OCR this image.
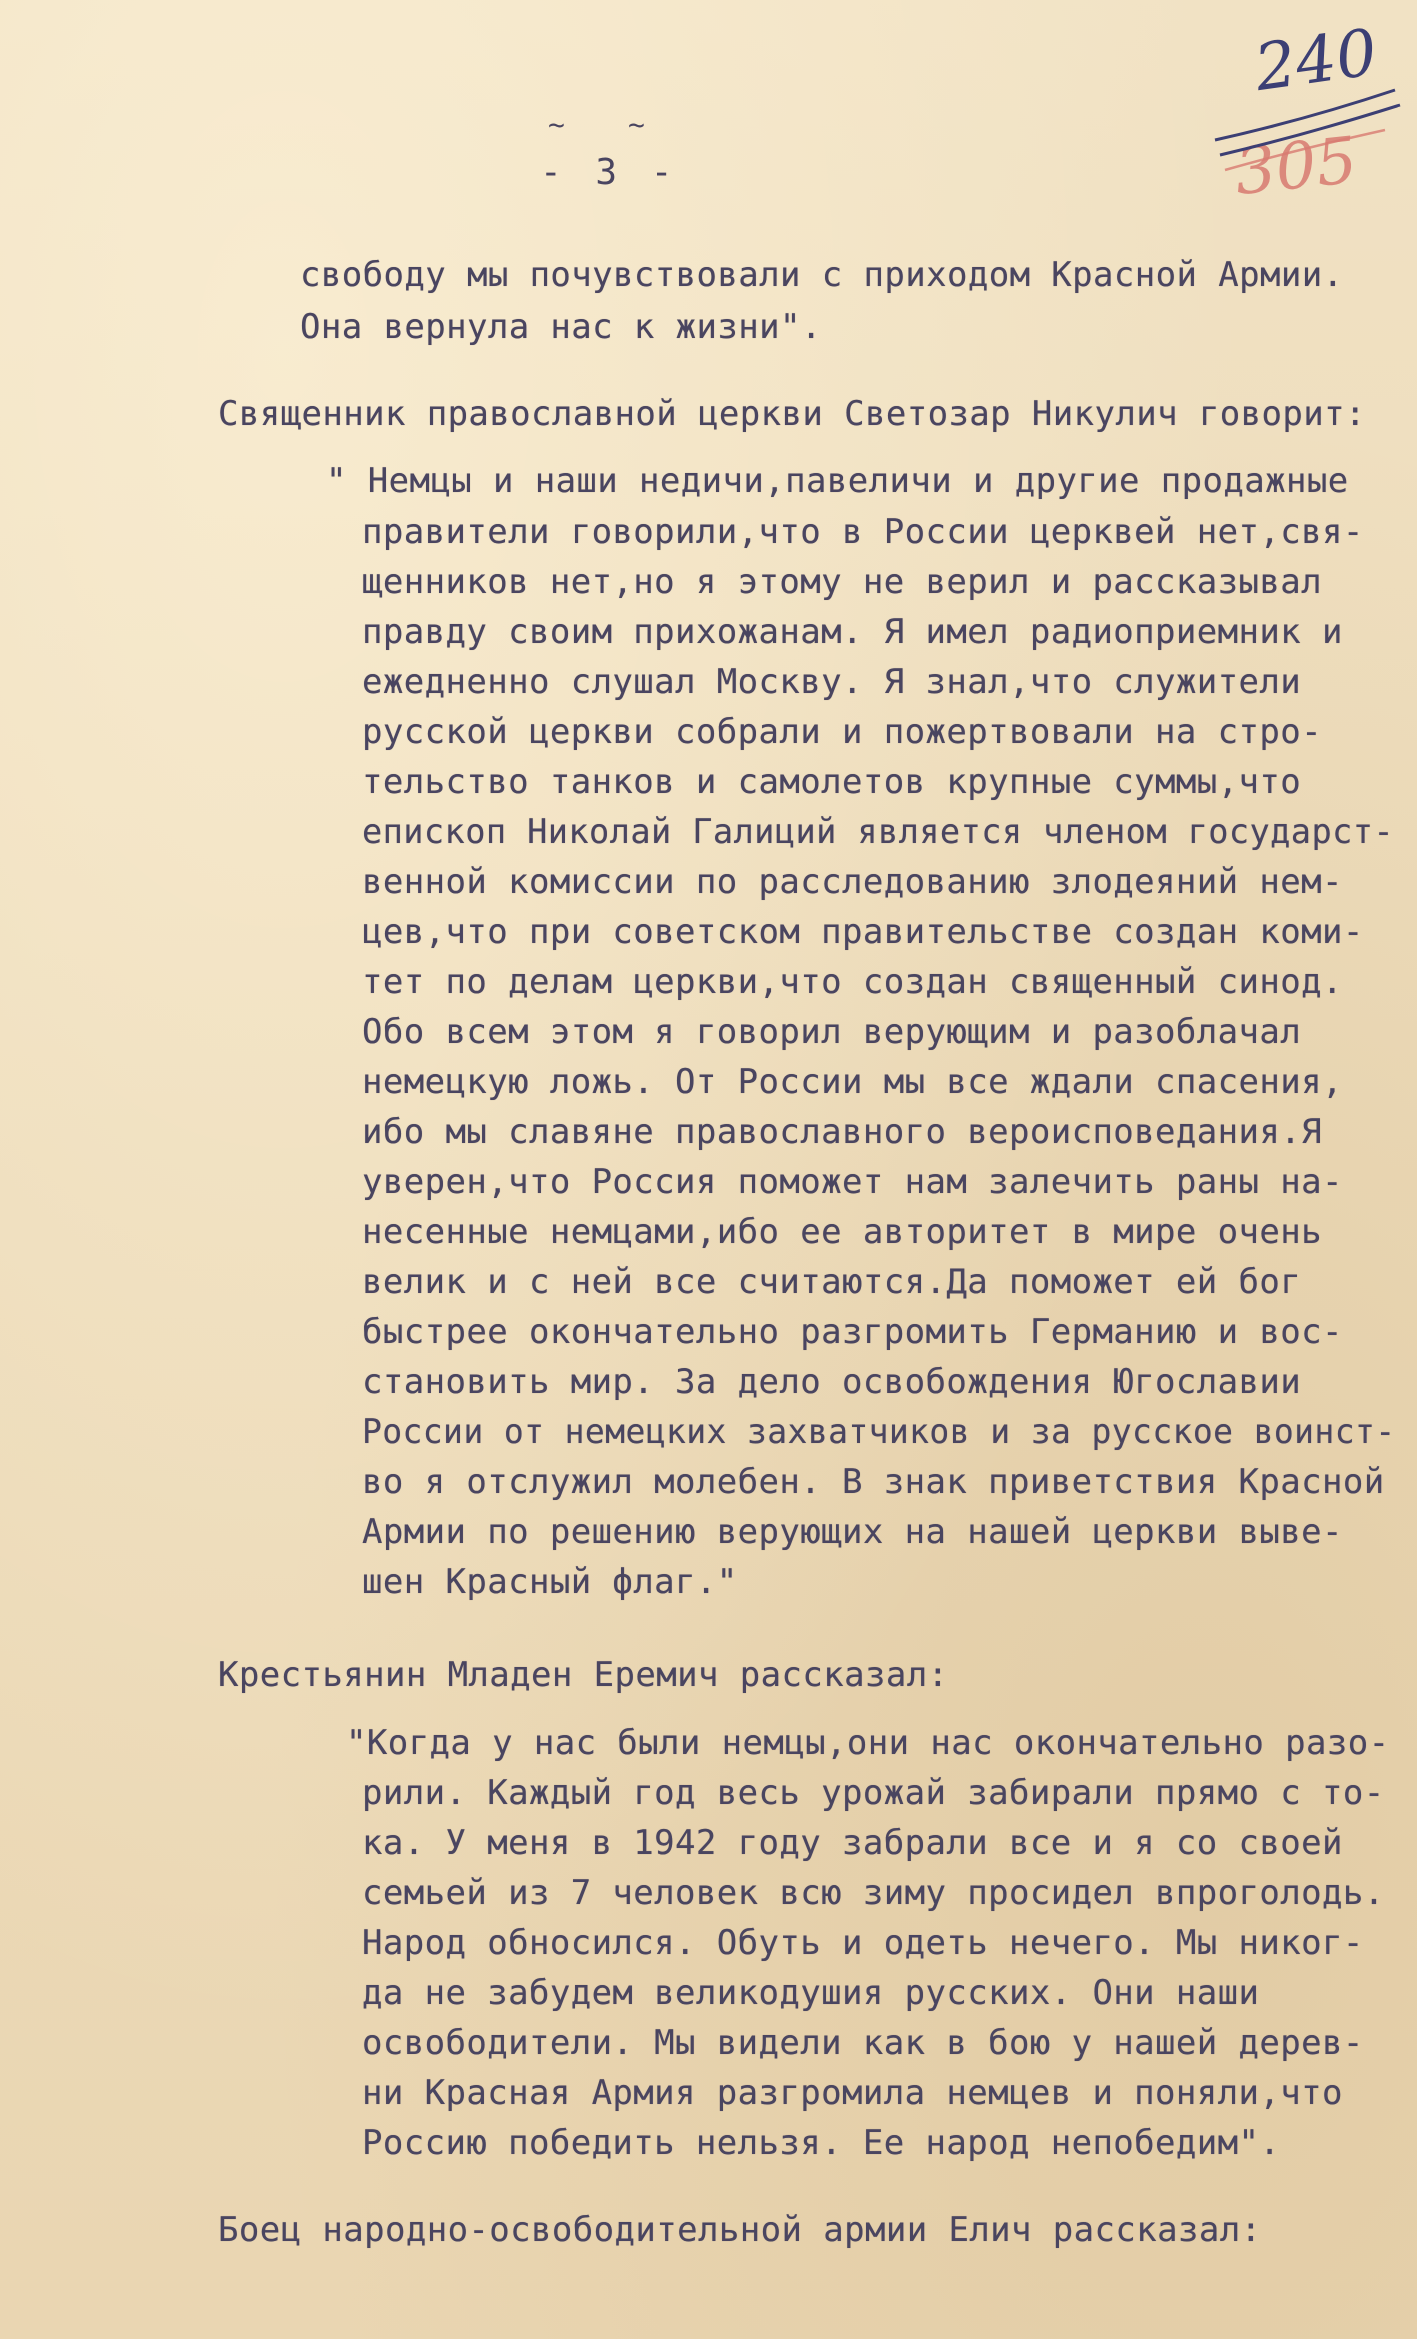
~ ~
- 3 -
240
305
свободу мы почувствовали с приходом Красной Армии.
Она вернула нас к жизни".
Священник православной церкви Светозар Никулич говорит:
" Немцы и наши недичи,павеличи и другие продажные
правители говорили,что в России церквей нет,свя-
щенников нет,но я этому не верил и рассказывал
правду своим прихожанам. Я имел радиоприемник и
ежедненно слушал Москву. Я знал,что служители
русской церкви собрали и пожертвовали на стро-
тельство танков и самолетов крупные суммы,что
епископ Николай Галиций является членом государст-
венной комиссии по расследованию злодеяний нем-
цев,что при советском правительстве создан коми-
тет по делам церкви,что создан священный синод.
Обо всем этом я говорил верующим и разоблачал
немецкую ложь. От России мы все ждали спасения,
ибо мы славяне православного вероисповедания.Я
уверен,что Россия поможет нам залечить раны на-
несенные немцами,ибо ее авторитет в мире очень
велик и с ней все считаются.Да поможет ей бог
быстрее окончательно разгромить Германию и вос-
становить мир. За дело освобождения Югославии
России от немецких захватчиков и за русское воинст-
во я отслужил молебен. В знак приветствия Красной
Армии по решению верующих на нашей церкви выве-
шен Красный флаг."
Крестьянин Младен Еремич рассказал:
"Когда у нас были немцы,они нас окончательно разо-
рили. Каждый год весь урожай забирали прямо с то-
ка. У меня в 1942 году забрали все и я со своей
семьей из 7 человек всю зиму просидел впроголодь.
Народ обносился. Обуть и одеть нечего. Мы никог-
да не забудем великодушия русских. Они наши
освободители. Мы видели как в бою у нашей дерев-
ни Красная Армия разгромила немцев и поняли,что
Россию победить нельзя. Ее народ непобедим".
Боец народно-освободительной армии Елич рассказал:
